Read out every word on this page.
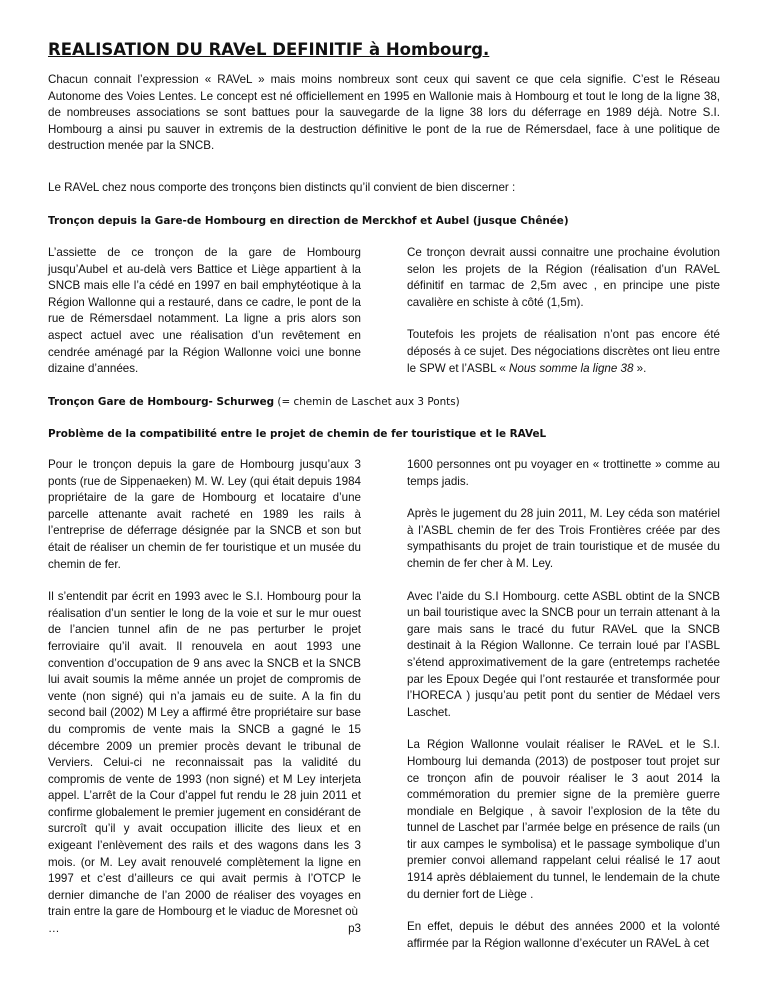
REALISATION DU RAVeL DEFINITIF à Hombourg.

Chacun connait l’expression « RAVeL » mais moins nombreux sont ceux qui savent ce que cela signifie. C’est le Réseau Autonome des Voies Lentes. Le concept est né officiellement en 1995 en Wallonie mais à Hombourg et tout le long de la ligne 38, de nombreuses associations se sont battues pour la sauvegarde de la ligne 38 lors du déferrage en 1989 déjà. Notre S.I. Hombourg a ainsi pu sauver in extremis de la destruction définitive le pont de la rue de Rémersdael, face à une politique de destruction menée par la SNCB.

Le RAVeL chez nous comporte des tronçons bien distincts qu’il convient de bien discerner :

Tronçon depuis la Gare-de Hombourg en direction de Merckhof et Aubel (jusque Chênée)

L’assiette de ce tronçon de la gare de Hombourg jusqu’Aubel et au-delà vers Battice et Liège appartient à la SNCB mais elle l’a cédé en 1997 en bail emphytéotique à la Région Wallonne qui a restauré, dans ce cadre, le pont de la rue de Rémersdael notamment. La ligne a pris alors son aspect actuel avec une réalisation d’un revêtement en cendrée aménagé par la Région Wallonne voici une bonne dizaine d’années.

Ce tronçon devrait aussi connaitre une prochaine évolution selon les projets de la Région (réalisation d’un RAVeL définitif en tarmac de 2,5m avec , en principe une piste cavalière en schiste à côté (1,5m).

Toutefois les projets de réalisation n’ont pas encore été déposés à ce sujet. Des négociations discrètes ont lieu entre le SPW et l’ASBL « Nous somme la ligne 38 ».

Tronçon Gare de Hombourg- Schurweg (= chemin de Laschet aux 3 Ponts)
Problème de la compatibilité entre le projet de chemin de fer touristique et le RAVeL

Pour le tronçon depuis la gare de Hombourg jusqu’aux 3 ponts (rue de Sippenaeken) M. W. Ley (qui était depuis 1984 propriétaire de la gare de Hombourg et locataire d’une parcelle attenante avait racheté en 1989 les rails à l’entreprise de déferrage désignée par la SNCB et son but était de réaliser un chemin de fer touristique et un musée du chemin de fer.

Il s’entendit par écrit en 1993 avec le S.I. Hombourg pour la réalisation d’un sentier le long de la voie et sur le mur ouest de l’ancien tunnel afin de ne pas perturber le projet ferroviaire qu’il avait. Il renouvela en aout 1993 une convention d’occupation de 9 ans avec la SNCB et la SNCB lui avait soumis la même année un projet de compromis de vente (non signé) qui n’a jamais eu de suite. A la fin du second bail (2002) M Ley a affirmé être propriétaire sur base du compromis de vente mais la SNCB a gagné le 15 décembre 2009 un premier procès devant le tribunal de Verviers. Celui-ci ne reconnaissait pas la validité du compromis de vente de 1993 (non signé) et M Ley interjeta appel. L’arrêt de la Cour d’appel fut rendu le 28 juin 2011 et confirme globalement le premier jugement en considérant de surcroît qu’il y avait occupation illicite des lieux et en exigeant l’enlèvement des rails et des wagons dans les 3 mois. (or M. Ley avait renouvelé complètement la ligne en 1997 et c’est d’ailleurs ce qui avait permis à l’OTCP le dernier dimanche de l’an 2000 de réaliser des voyages en train entre la gare de Hombourg et le viaduc de Moresnet où

…	p3

1600 personnes ont pu voyager en « trottinette » comme au temps jadis.

Après le jugement du 28 juin 2011, M. Ley céda son matériel à l’ASBL chemin de fer des Trois Frontières créée par des sympathisants du projet de train touristique et de musée du chemin de fer cher à M. Ley.

Avec l’aide du S.I Hombourg. cette ASBL obtint de la SNCB un bail touristique avec la SNCB pour un terrain attenant à la gare mais sans le tracé du futur RAVeL que la SNCB destinait à la Région Wallonne. Ce terrain loué par l’ASBL s’étend approximativement de la gare (entretemps rachetée par les Epoux Degée qui l’ont restaurée et transformée pour l’HORECA ) jusqu’au petit pont du sentier de Médael vers Laschet.

La Région Wallonne voulait réaliser le RAVeL et le S.I. Hombourg lui demanda (2013) de postposer tout projet sur ce tronçon afin de pouvoir réaliser le 3 aout 2014 la commémoration du premier signe de la première guerre mondiale en Belgique , à savoir l’explosion de la tête du tunnel de Laschet par l’armée belge en présence de rails (un tir aux campes le symbolisa) et le passage symbolique d’un premier convoi allemand rappelant celui réalisé le 17 aout 1914 après déblaiement du tunnel, le lendemain de la chute du dernier fort de Liège .

En effet, depuis le début des années 2000 et la volonté affirmée par la Région wallonne d’exécuter un RAVeL à cet
